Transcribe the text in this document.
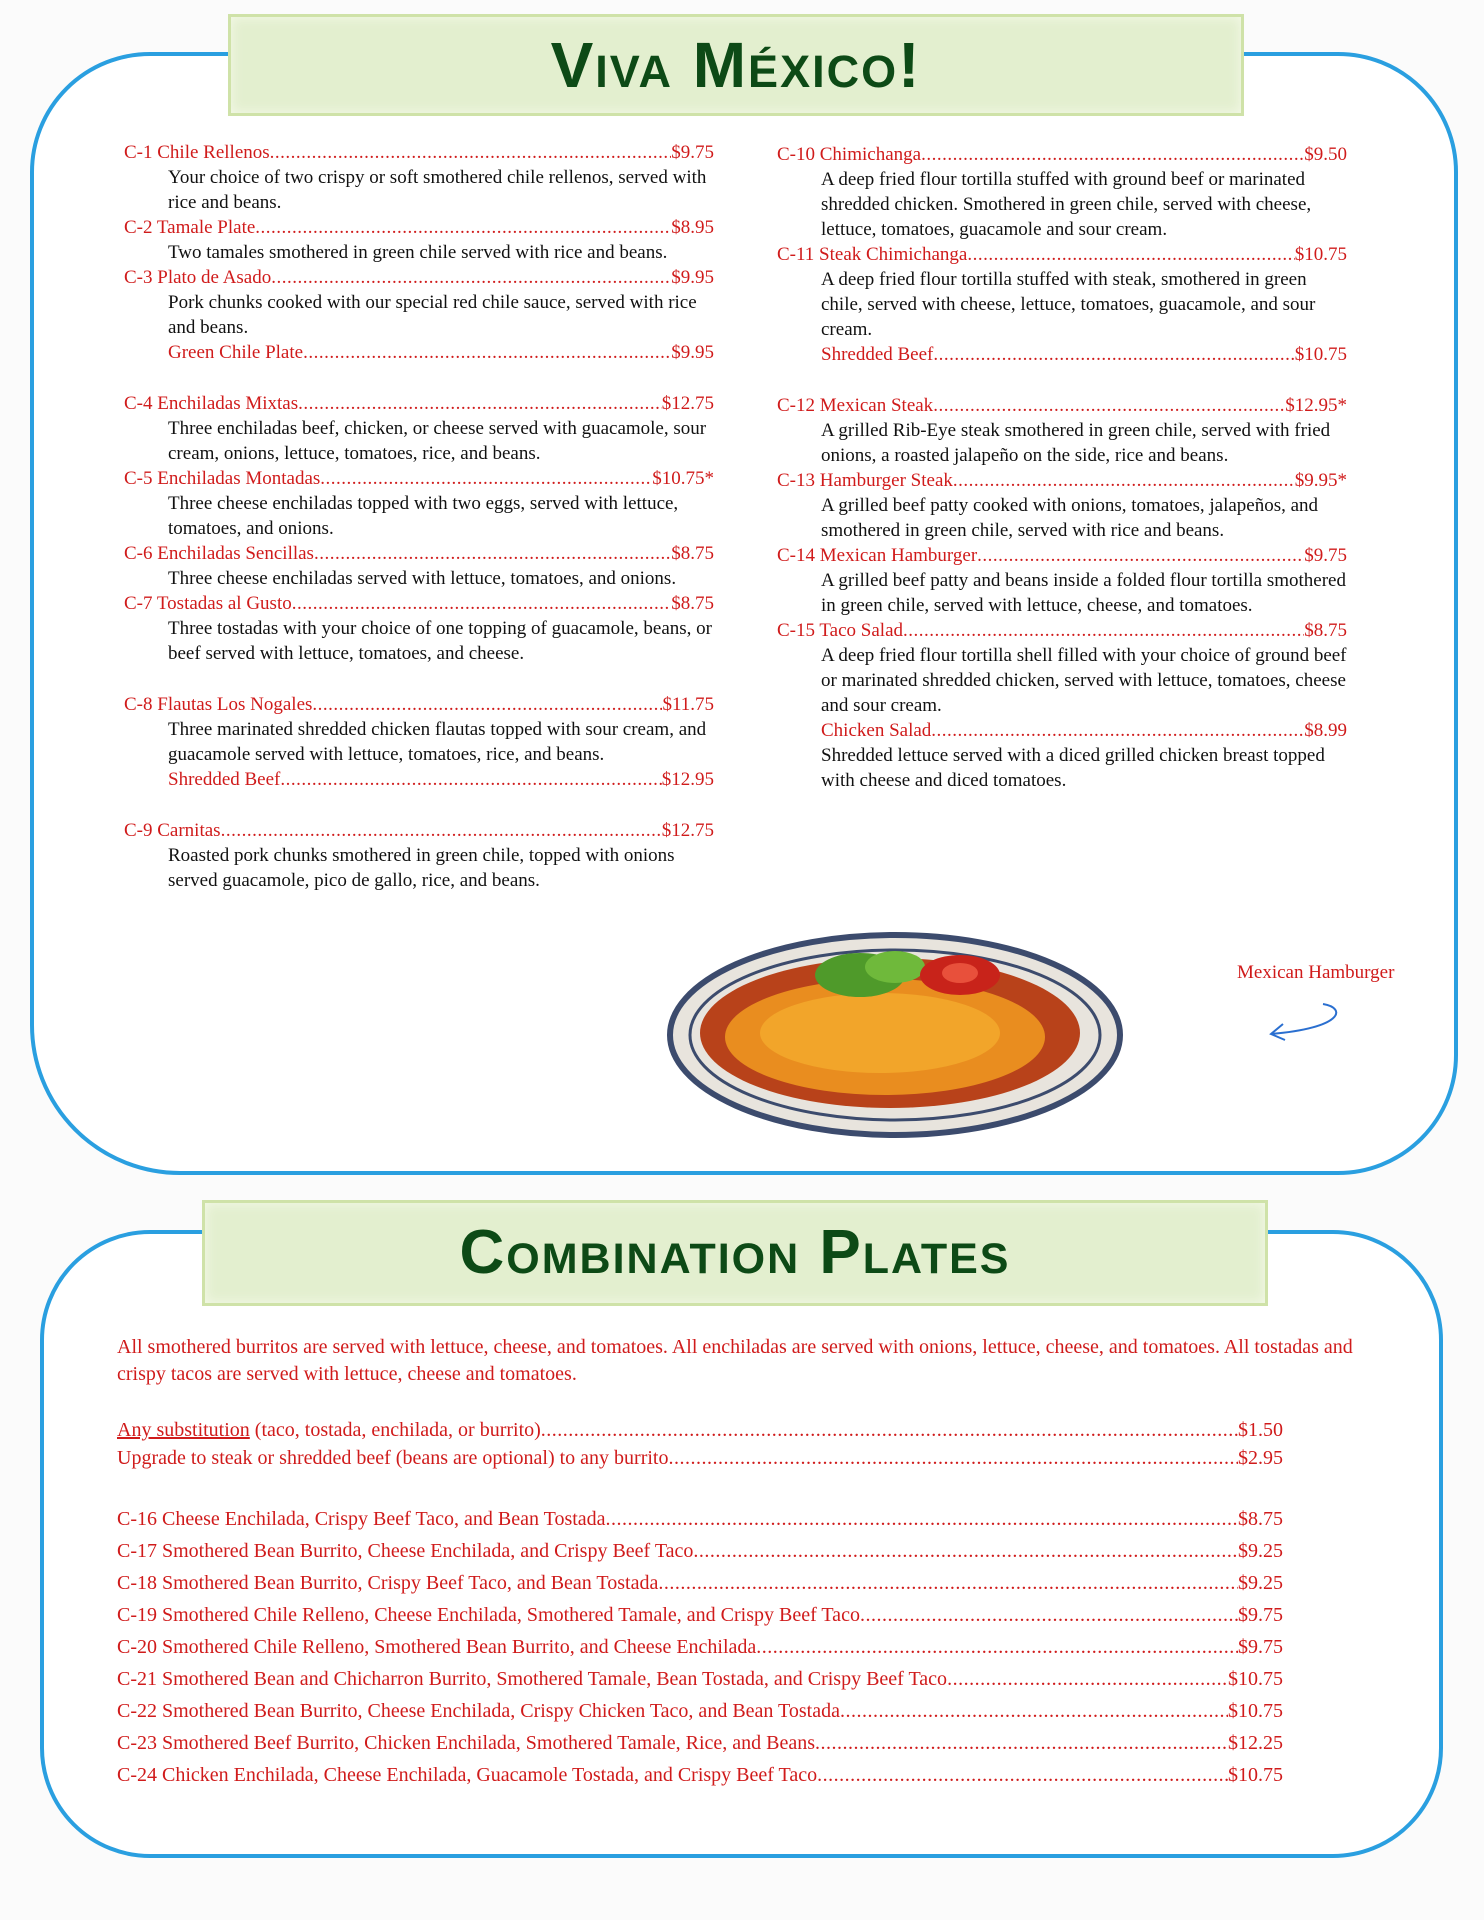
Viva México!
C-1 Chile Rellenos .....	$9.75
Your choice of two crispy or soft smothered chile rellenos, served with rice and beans.
C-2 Tamale Plate .....	$8.95
Two tamales smothered in green chile served with rice and beans.
C-3 Plato de Asado .....	$9.95
Pork chunks cooked with our special red chile sauce, served with rice and beans.
Green Chile Plate .....	$9.95
C-4 Enchiladas Mixtas .....	$12.75
Three enchiladas beef, chicken, or cheese served with guacamole, sour cream, onions, lettuce, tomatoes, rice, and beans.
C-5 Enchiladas Montadas .....	$10.75*
Three cheese enchiladas topped with two eggs, served with lettuce, tomatoes, and onions.
C-6 Enchiladas Sencillas .....	$8.75
Three cheese enchiladas served with lettuce, tomatoes, and onions.
C-7 Tostadas al Gusto .....	$8.75
Three tostadas with your choice of one topping of guacamole, beans, or beef served with lettuce, tomatoes, and cheese.
C-8 Flautas Los Nogales .....	$11.75
Three marinated shredded chicken flautas topped with sour cream, and guacamole served with lettuce, tomatoes, rice, and beans.
Shredded Beef .....	$12.95
C-9 Carnitas .....	$12.75
Roasted pork chunks smothered in green chile, topped with onions served guacamole, pico de gallo, rice, and beans.
C-10 Chimichanga .....	$9.50
A deep fried flour tortilla stuffed with ground beef or marinated shredded chicken. Smothered in green chile, served with cheese, lettuce, tomatoes, guacamole and sour cream.
C-11 Steak Chimichanga .....	$10.75
A deep fried flour tortilla stuffed with steak, smothered in green chile, served with cheese, lettuce, tomatoes, guacamole, and sour cream.
Shredded Beef .....	$10.75
C-12 Mexican Steak .....	$12.95*
A grilled Rib-Eye steak smothered in green chile, served with fried onions, a roasted jalapeño on the side, rice and beans.
C-13 Hamburger Steak .....	$9.95*
A grilled beef patty cooked with onions, tomatoes, jalapeños, and smothered in green chile, served with rice and beans.
C-14 Mexican Hamburger .....	$9.75
A grilled beef patty and beans inside a folded flour tortilla smothered in green chile, served with lettuce, cheese, and tomatoes.
C-15 Taco Salad .....	$8.75
A deep fried flour tortilla shell filled with your choice of ground beef or marinated shredded chicken, served with lettuce, tomatoes, cheese and sour cream.
Chicken Salad .....	$8.99
Shredded lettuce served with a diced grilled chicken breast topped with cheese and diced tomatoes.
Mexican Hamburger
Combination Plates
All smothered burritos are served with lettuce, cheese, and tomatoes. All enchiladas are served with onions, lettuce, cheese, and tomatoes. All tostadas and crispy tacos are served with lettuce, cheese and tomatoes.
Any substitution (taco, tostada, enchilada, or burrito) .....	$1.50
Upgrade to steak or shredded beef (beans are optional) to any burrito .....	$2.95
C-16 Cheese Enchilada, Crispy Beef Taco, and Bean Tostada .....	$8.75
C-17 Smothered Bean Burrito, Cheese Enchilada, and Crispy Beef Taco .....	$9.25
C-18 Smothered Bean Burrito, Crispy Beef Taco, and Bean Tostada .....	$9.25
C-19 Smothered Chile Relleno, Cheese Enchilada, Smothered Tamale, and Crispy Beef Taco .....	$9.75
C-20 Smothered Chile Relleno, Smothered Bean Burrito, and Cheese Enchilada .....	$9.75
C-21 Smothered Bean and Chicharron Burrito, Smothered Tamale, Bean Tostada, and Crispy Beef Taco .....	$10.75
C-22 Smothered Bean Burrito, Cheese Enchilada, Crispy Chicken Taco, and Bean Tostada .....	$10.75
C-23 Smothered Beef Burrito, Chicken Enchilada, Smothered Tamale, Rice, and Beans .....	$12.25
C-24 Chicken Enchilada, Cheese Enchilada, Guacamole Tostada, and Crispy Beef Taco .....	$10.75
